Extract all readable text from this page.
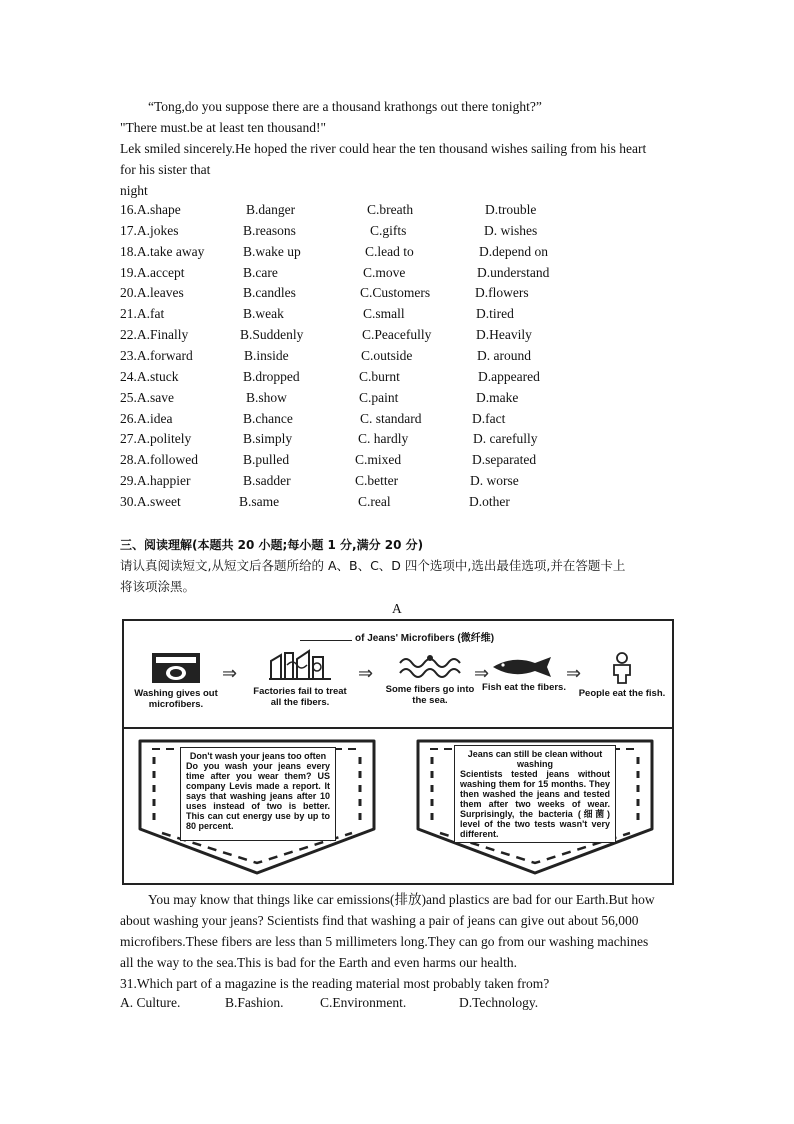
“Tong,do you suppose there are a thousand krathongs out there tonight?”
"There must.be at least ten thousand!"
Lek smiled sincerely.He hoped the river could hear the ten thousand wishes sailing from his heart
for his sister that
night
16.A.shape	B.danger	C.breath	D.trouble
17.A.jokes	B.reasons	C.gifts	D. wishes
18.A.take away	B.wake up	C.lead to	D.depend on
19.A.accept	B.care	C.move	D.understand
20.A.leaves	B.candles	C.Customers	D.flowers
21.A.fat	B.weak	C.small	D.tired
22.A.Finally	B.Suddenly	C.Peacefully	D.Heavily
23.A.forward	B.inside	C.outside	D. around
24.A.stuck	B.dropped	C.burnt	D.appeared
25.A.save	B.show	C.paint	D.make
26.A.idea	B.chance	C. standard	D.fact
27.A.politely	B.simply	C. hardly	D. carefully
28.A.followed	B.pulled	C.mixed	D.separated
29.A.happier	B.sadder	C.better	D. worse
30.A.sweet	B.same	C.real	D.other
三、阅读理解(本题共 20 小题;每小题 1 分,满分 20 分)
请认真阅读短文,从短文后各题所给的 A、B、C、D 四个选项中,选出最佳选项,并在答题卡上
将该项涂黑。
A
of Jeans' Microfibers (微纤维)
Washing gives out microfibers.
⇒
Factories fail to treat all the fibers.
⇒
Some fibers go into the sea.
⇒
Fish eat the fibers.
⇒
People eat the fish.
Don't wash your jeans too often
Do you wash your jeans every time after you wear them? US company Levis made a report. It says that washing jeans after 10 uses instead of two is better. This can cut energy use by up to 80 percent.
Jeans can still be clean without washing
Scientists tested jeans without washing them for 15 months. They then washed the jeans and tested them after two weeks of wear. Surprisingly, the bacteria (细菌) level of the two tests wasn't very different.
You may know that things like car emissions(排放)and plastics are bad for our Earth.But how
about washing your jeans? Scientists find that washing a pair of jeans can give out about 56,000
microfibers.These fibers are less than 5 millimeters long.They can go from our washing machines
all the way to the sea.This is bad for the Earth and even harms our health.
31.Which part of a magazine is the reading material most probably taken from?
A. Culture.	B.Fashion.	C.Environment.	D.Technology.
